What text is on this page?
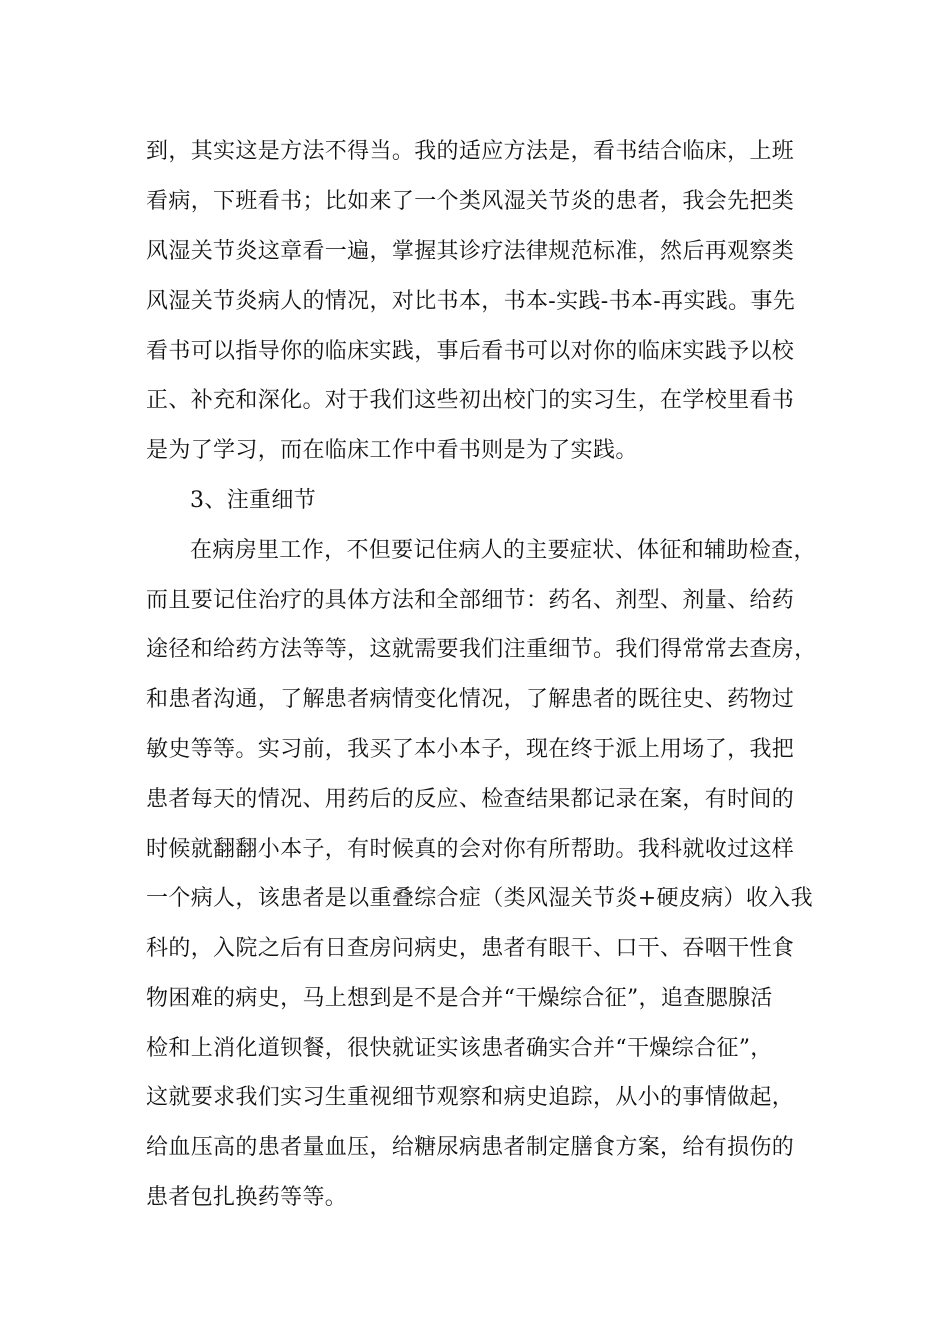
到，其实这是方法不得当。我的适应方法是，看书结合临床，上班
看病，下班看书；比如来了一个类风湿关节炎的患者，我会先把类
风湿关节炎这章看一遍，掌握其诊疗法律规范标准，然后再观察类
风湿关节炎病人的情况，对比书本，书本-实践-书本-再实践。事先
看书可以指导你的临床实践，事后看书可以对你的临床实践予以校
正、补充和深化。对于我们这些初出校门的实习生，在学校里看书
是为了学习，而在临床工作中看书则是为了实践。
3、注重细节
在病房里工作，不但要记住病人的主要症状、体征和辅助检查，
而且要记住治疗的具体方法和全部细节：药名、剂型、剂量、给药
途径和给药方法等等，这就需要我们注重细节。我们得常常去查房，
和患者沟通，了解患者病情变化情况，了解患者的既往史、药物过
敏史等等。实习前，我买了本小本子，现在终于派上用场了，我把
患者每天的情况、用药后的反应、检查结果都记录在案，有时间的
时候就翻翻小本子，有时候真的会对你有所帮助。我科就收过这样
一个病人，该患者是以重叠综合症（类风湿关节炎+硬皮病）收入我
科的，入院之后有日查房问病史，患者有眼干、口干、吞咽干性食
物困难的病史，马上想到是不是合并“干燥综合征”，追查腮腺活
检和上消化道钡餐，很快就证实该患者确实合并“干燥综合征”，
这就要求我们实习生重视细节观察和病史追踪，从小的事情做起，
给血压高的患者量血压，给糖尿病患者制定膳食方案，给有损伤的
患者包扎换药等等。
